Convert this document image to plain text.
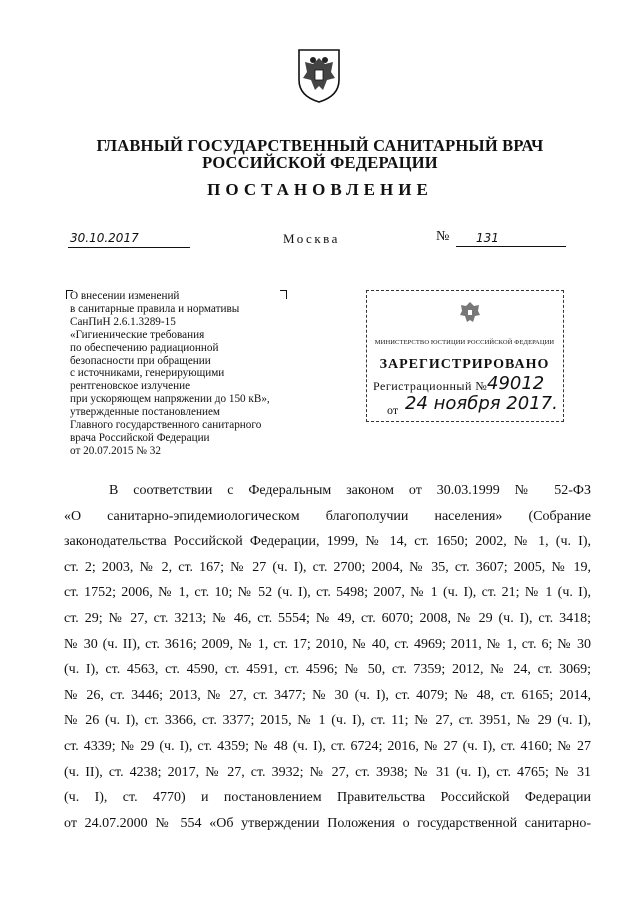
ГЛАВНЫЙ ГОСУДАРСТВЕННЫЙ САНИТАРНЫЙ ВРАЧ
РОССИЙСКОЙ ФЕДЕРАЦИИ
ПОСТАНОВЛЕНИЕ
30.10.2017	Москва	№	131
О внесении изменений
в санитарные правила и нормативы
СанПиН 2.6.1.3289-15
«Гигиенические требования
по обеспечению радиационной
безопасности при обращении
с источниками, генерирующими
рентгеновское излучение
при ускоряющем напряжении до 150 кВ»,
утвержденные постановлением
Главного государственного санитарного
врача Российской Федерации
от 20.07.2015 № 32
МИНИСТЕРСТВО ЮСТИЦИИ РОССИЙСКОЙ ФЕДЕРАЦИИ
ЗАРЕГИСТРИРОВАНО
Регистрационный № 49012
от 24 ноября 2017.
В соответствии с Федеральным законом от 30.03.1999 № 52-ФЗ
«О санитарно-эпидемиологическом благополучии населения» (Собрание
законодательства Российской Федерации, 1999, № 14, ст. 1650; 2002, № 1, (ч. I),
ст. 2; 2003, № 2, ст. 167; № 27 (ч. I), ст. 2700; 2004, № 35, ст. 3607; 2005, № 19,
ст. 1752; 2006, № 1, ст. 10; № 52 (ч. I), ст. 5498; 2007, № 1 (ч. I), ст. 21; № 1 (ч. I),
ст. 29; № 27, ст. 3213; № 46, ст. 5554; № 49, ст. 6070; 2008, № 29 (ч. I), ст. 3418;
№ 30 (ч. II), ст. 3616; 2009, № 1, ст. 17; 2010, № 40, ст. 4969; 2011, № 1, ст. 6; № 30
(ч. I), ст. 4563, ст. 4590, ст. 4591, ст. 4596; № 50, ст. 7359; 2012, № 24, ст. 3069;
№ 26, ст. 3446; 2013, № 27, ст. 3477; № 30 (ч. I), ст. 4079; № 48, ст. 6165; 2014,
№ 26 (ч. I), ст. 3366, ст. 3377; 2015, № 1 (ч. I), ст. 11; № 27, ст. 3951, № 29 (ч. I),
ст. 4339; № 29 (ч. I), ст. 4359; № 48 (ч. I), ст. 6724; 2016, № 27 (ч. I), ст. 4160; № 27
(ч. II), ст. 4238; 2017, № 27, ст. 3932; № 27, ст. 3938; № 31 (ч. I), ст. 4765; № 31
(ч. I), ст. 4770) и постановлением Правительства Российской Федерации
от 24.07.2000 № 554 «Об утверждении Положения о государственной санитарно-
